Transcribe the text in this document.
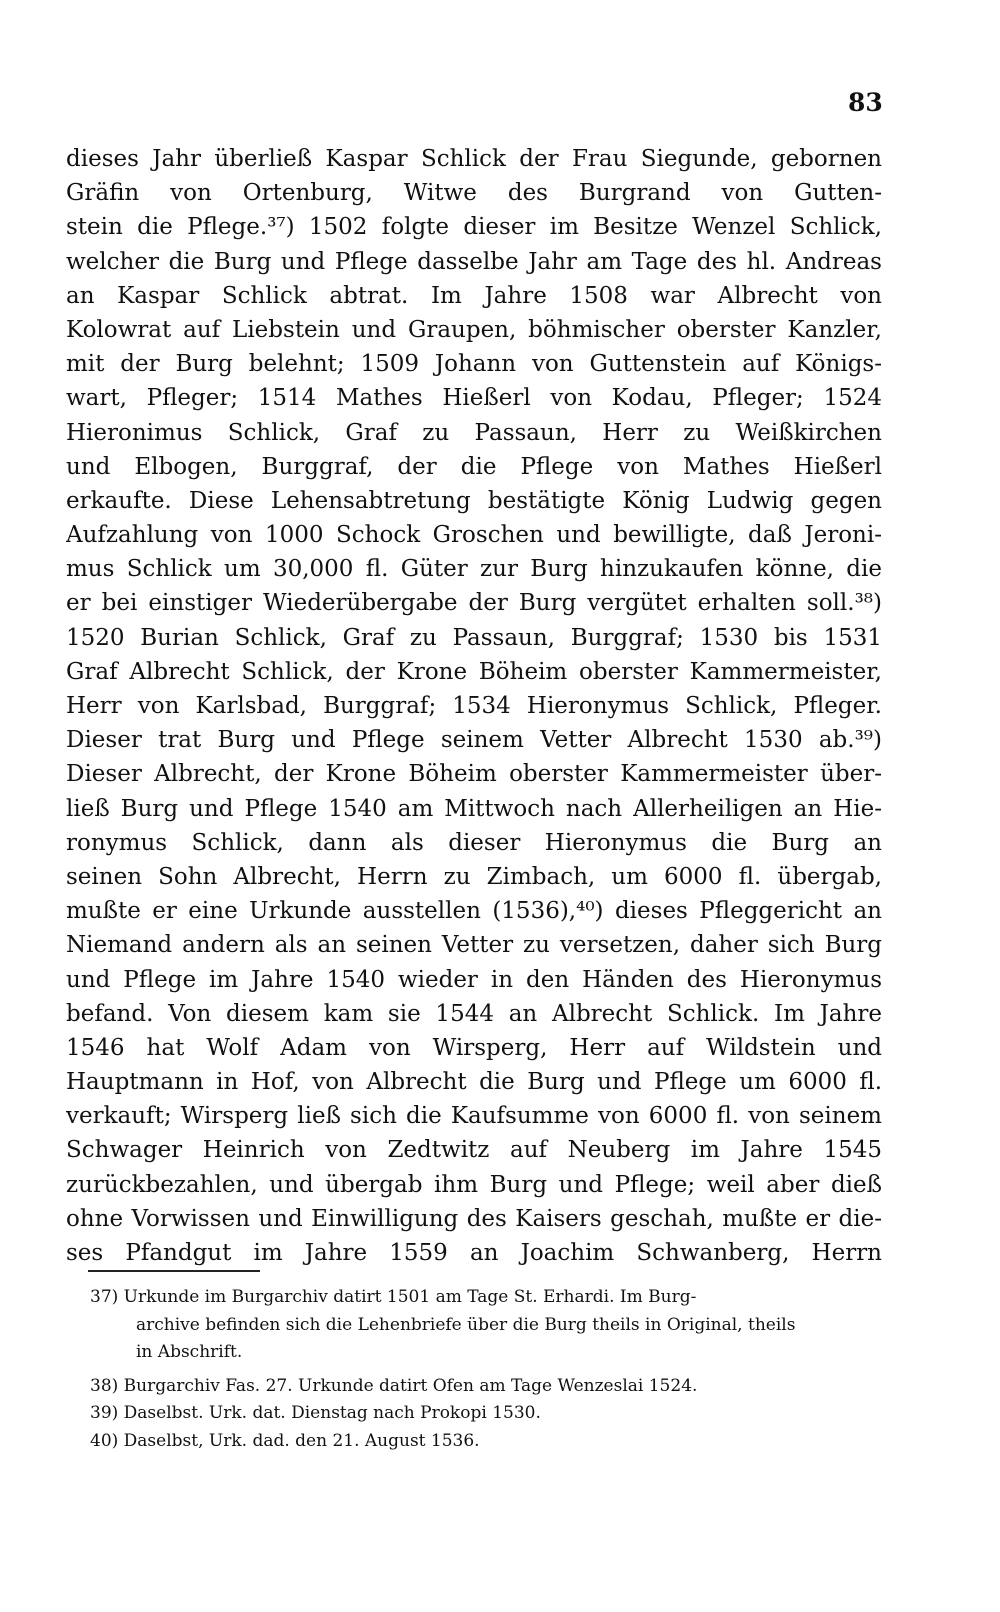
83
dieses Jahr überließ Kaspar Schlick der Frau Siegunde, gebornen
Gräfin von Ortenburg, Witwe des Burgrand von Gutten-
stein die Pflege.³⁷) 1502 folgte dieser im Besitze Wenzel Schlick,
welcher die Burg und Pflege dasselbe Jahr am Tage des hl. Andreas
an Kaspar Schlick abtrat. Im Jahre 1508 war Albrecht von
Kolowrat auf Liebstein und Graupen, böhmischer oberster Kanzler,
mit der Burg belehnt; 1509 Johann von Guttenstein auf Königs-
wart, Pfleger; 1514 Mathes Hießerl von Kodau, Pfleger; 1524
Hieronimus Schlick, Graf zu Passaun, Herr zu Weißkirchen
und Elbogen, Burggraf, der die Pflege von Mathes Hießerl
erkaufte. Diese Lehensabtretung bestätigte König Ludwig gegen
Aufzahlung von 1000 Schock Groschen und bewilligte, daß Jeroni-
mus Schlick um 30,000 fl. Güter zur Burg hinzukaufen könne, die
er bei einstiger Wiederübergabe der Burg vergütet erhalten soll.³⁸)
1520 Burian Schlick, Graf zu Passaun, Burggraf; 1530 bis 1531
Graf Albrecht Schlick, der Krone Böheim oberster Kammermeister,
Herr von Karlsbad, Burggraf; 1534 Hieronymus Schlick, Pfleger.
Dieser trat Burg und Pflege seinem Vetter Albrecht 1530 ab.³⁹)
Dieser Albrecht, der Krone Böheim oberster Kammermeister über-
ließ Burg und Pflege 1540 am Mittwoch nach Allerheiligen an Hie-
ronymus Schlick, dann als dieser Hieronymus die Burg an
seinen Sohn Albrecht, Herrn zu Zimbach, um 6000 fl. übergab,
mußte er eine Urkunde ausstellen (1536),⁴⁰) dieses Pfleggericht an
Niemand andern als an seinen Vetter zu versetzen, daher sich Burg
und Pflege im Jahre 1540 wieder in den Händen des Hieronymus
befand. Von diesem kam sie 1544 an Albrecht Schlick. Im Jahre
1546 hat Wolf Adam von Wirsperg, Herr auf Wildstein und
Hauptmann in Hof, von Albrecht die Burg und Pflege um 6000 fl.
verkauft; Wirsperg ließ sich die Kaufsumme von 6000 fl. von seinem
Schwager Heinrich von Zedtwitz auf Neuberg im Jahre 1545
zurückbezahlen, und übergab ihm Burg und Pflege; weil aber dieß
ohne Vorwissen und Einwilligung des Kaisers geschah, mußte er die-
ses Pfandgut im Jahre 1559 an Joachim Schwanberg, Herrn
37) Urkunde im Burgarchiv datirt 1501 am Tage St. Erhardi. Im Burg-
archive befinden sich die Lehenbriefe über die Burg theils in Original, theils
in Abschrift.
38) Burgarchiv Fas. 27. Urkunde datirt Ofen am Tage Wenzeslai 1524.
39) Daselbst. Urk. dat. Dienstag nach Prokopi 1530.
40) Daselbst, Urk. dad. den 21. August 1536.
